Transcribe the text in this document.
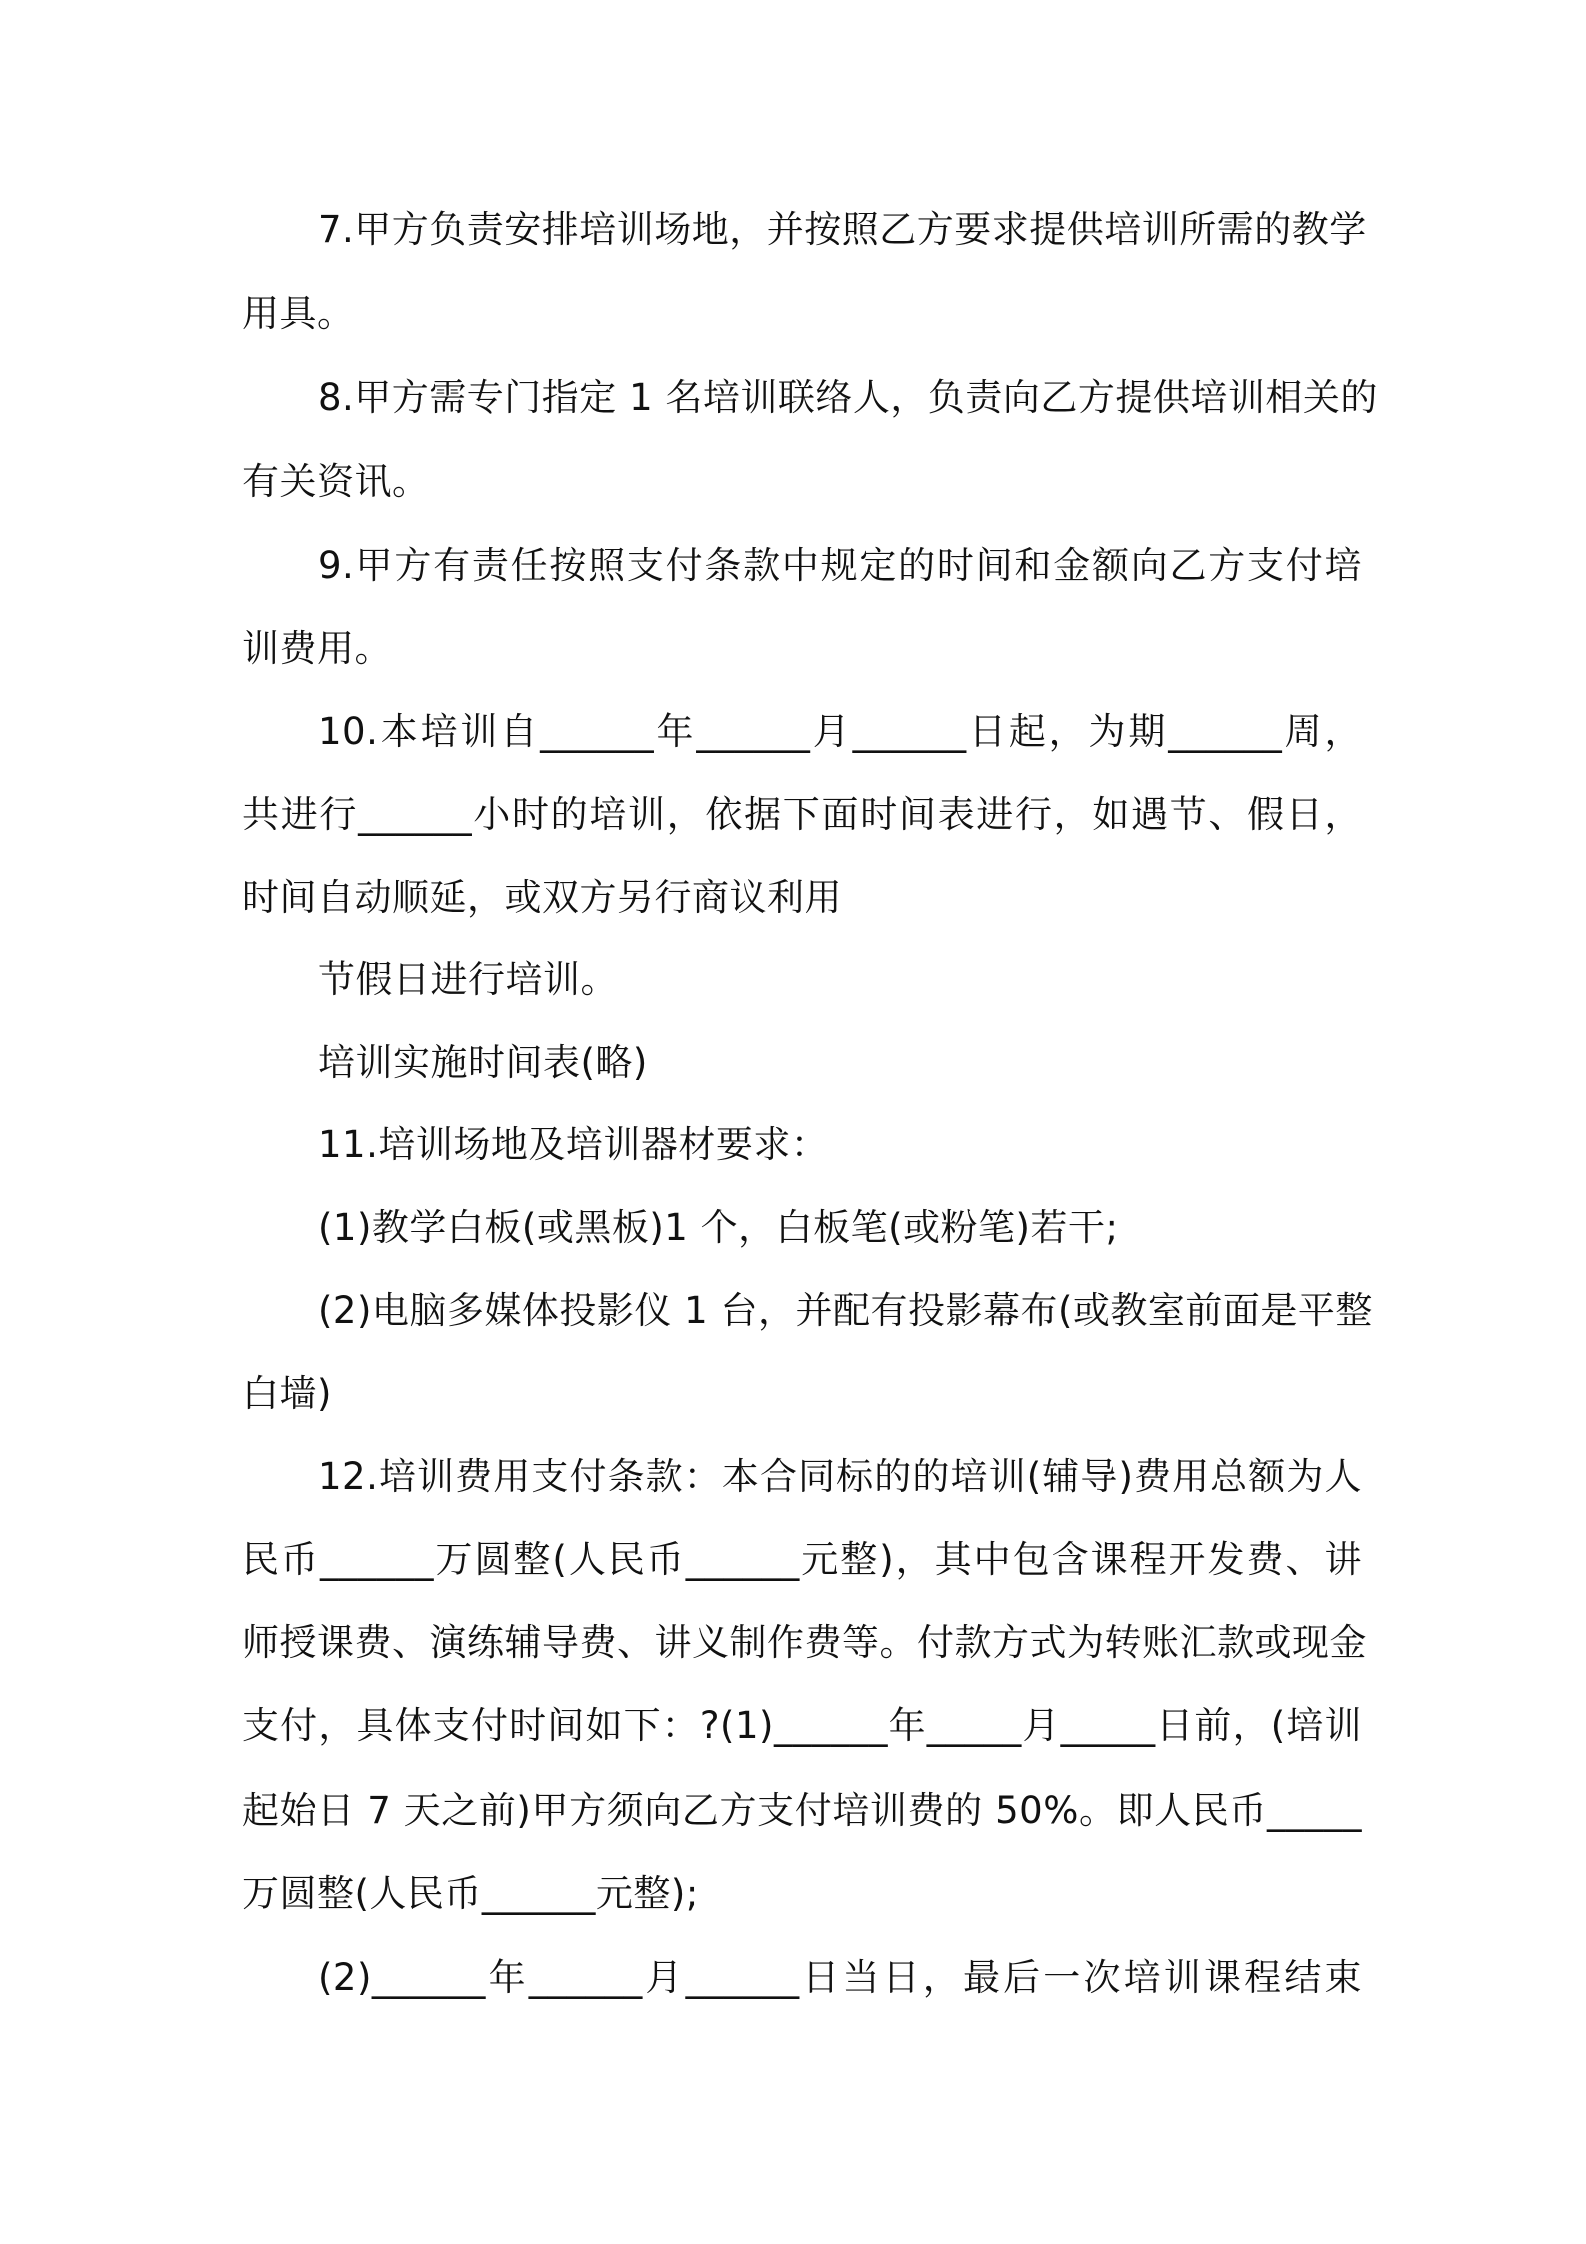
7.甲方负责安排培训场地，并按照乙方要求提供培训所需的教学
用具。
8.甲方需专门指定 1 名培训联络人，负责向乙方提供培训相关的
有关资讯。
9.甲方有责任按照支付条款中规定的时间和金额向乙方支付培
训费用。
10.本培训自______年______月______日起，为期______周，
共进行______小时的培训，依据下面时间表进行，如遇节、假日，
时间自动顺延，或双方另行商议利用
节假日进行培训。
培训实施时间表(略)
11.培训场地及培训器材要求：
(1)教学白板(或黑板)1 个，白板笔(或粉笔)若干;
(2)电脑多媒体投影仪 1 台，并配有投影幕布(或教室前面是平整
白墙)
12.培训费用支付条款：本合同标的的培训(辅导)费用总额为人
民币______万圆整(人民币______元整)，其中包含课程开发费、讲
师授课费、演练辅导费、讲义制作费等。付款方式为转账汇款或现金
支付，具体支付时间如下：?(1)______年_____月_____日前，(培训
起始日 7 天之前)甲方须向乙方支付培训费的 50%。即人民币_____
万圆整(人民币______元整);
(2)______年______月______日当日，最后一次培训课程结束
